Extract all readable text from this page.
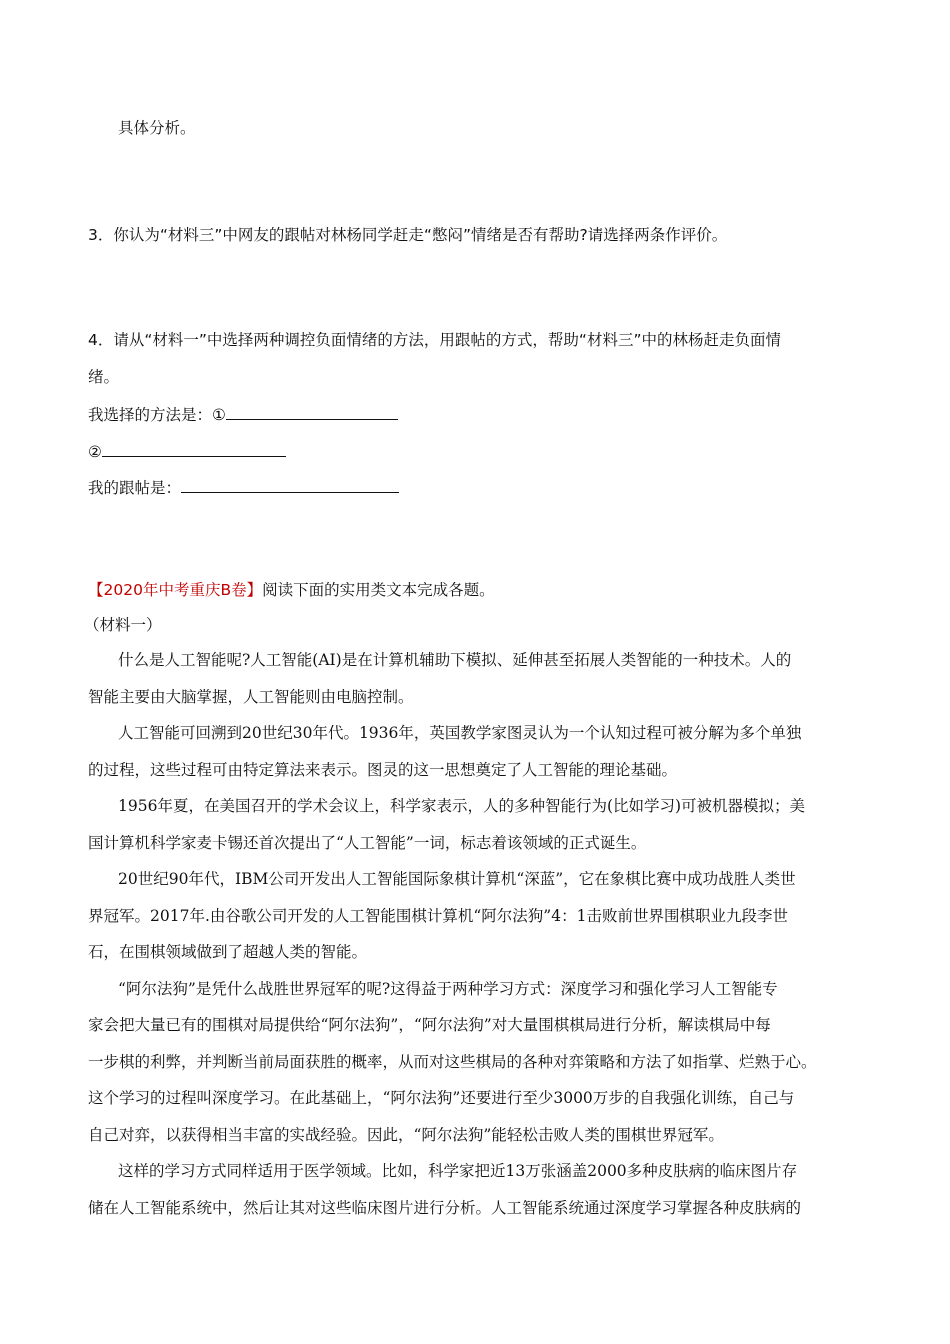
具体分析。
3．你认为“材料三”中网友的跟帖对林杨同学赶走“憋闷”情绪是否有帮助?请选择两条作评价。
4．请从“材料一”中选择两种调控负面情绪的方法，用跟帖的方式，帮助“材料三”中的林杨赶走负面情
绪。
我选择的方法是：①
②
我的跟帖是：
【2020年中考重庆B卷】阅读下面的实用类文本完成各题。
（材料一）
什么是人工智能呢?人工智能(AI)是在计算机辅助下模拟、延伸甚至拓展人类智能的一种技术。人的
智能主要由大脑掌握，人工智能则由电脑控制。
人工智能可回溯到20世纪30年代。1936年，英国教学家图灵认为一个认知过程可被分解为多个单独
的过程，这些过程可由特定算法来表示。图灵的这一思想奠定了人工智能的理论基础。
1956年夏，在美国召开的学术会议上，科学家表示，人的多种智能行为(比如学习)可被机器模拟；美
国计算机科学家麦卡锡还首次提出了“人工智能”一词，标志着该领域的正式诞生。
20世纪90年代，IBM公司开发出人工智能国际象棋计算机“深蓝”，它在象棋比赛中成功战胜人类世
界冠军。2017年.由谷歌公司开发的人工智能围棋计算机“阿尔法狗”4：1击败前世界围棋职业九段李世
石，在围棋领域做到了超越人类的智能。
“阿尔法狗”是凭什么战胜世界冠军的呢?这得益于两种学习方式：深度学习和强化学习人工智能专
家会把大量已有的围棋对局提供给“阿尔法狗”，“阿尔法狗”对大量围棋棋局进行分析，解读棋局中每
一步棋的利弊，并判断当前局面获胜的概率，从而对这些棋局的各种对弈策略和方法了如指掌、烂熟于心。
这个学习的过程叫深度学习。在此基础上，“阿尔法狗”还要进行至少3000万步的自我强化训练，自己与
自己对弈，以获得相当丰富的实战经验。因此，“阿尔法狗”能轻松击败人类的围棋世界冠军。
这样的学习方式同样适用于医学领域。比如，科学家把近13万张涵盖2000多种皮肤病的临床图片存
储在人工智能系统中，然后让其对这些临床图片进行分析。人工智能系统通过深度学习掌握各种皮肤病的
